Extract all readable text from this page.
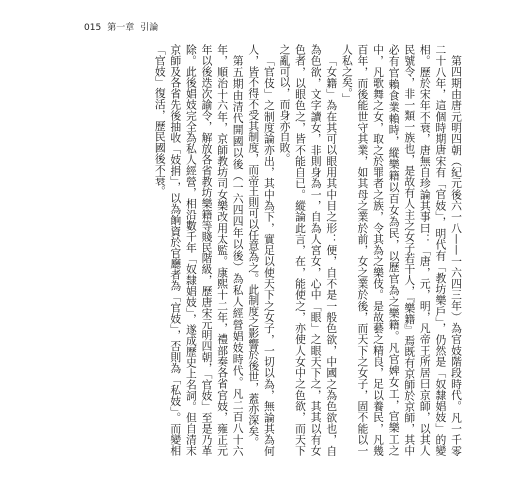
015 第一章 引論

第四期由唐元明四朝（紀元後六一八——一六四三年）為官妓階段時代。凡一千零二十八年，這個時期唐宋有「官妓」，明代有「教坊樂戶」，仍然是「奴隸娼妓」的變相。歷於宋年不衰，唐無自珍論其事曰：「唐，元，明，凡帝王所居曰京師，以其人民號令，非一類一族也，是故有人主之女子若干人，『樂籍』焉既有京師於京師，其中必有官賴食業賴時，縱樂籍以百女為民，以歷官為之樂籍。凡官婢女工，官樂工之中，凡歌舞之女，取之於罪者之族，令其為之樂伎。是故藝之精良，足以養民，凡幾百年，而後能世守其業，如其母之業於前，女之業於後，而天下之女子，固不能以一人私之矣。」

「女籍」為在其可以眼用其中目之形：便，自不是一般色欲，中國之為色欲也，自為色欲，文字讀女，非則身為一，自為人宮女，心中「眼」之眼天下之，其其以有女色者，以眼色之，皆不能自已。縱論此言，在，能使之，亦使人女中之色欲，而天下之亂可以，而身亦自敗。

「官伎」之制度論亦出，其中為下，實足以使天下之女子，一切以為，無論其為何人，皆不得不受其制度，而帝王則可以任意為之。此制度之影響於後世，蓋亦深矣。

第五期由清代開國以後（一六四四年以後）為私人經營娼妓時代。凡二百八十六年，順治十六年，京師教坊司女樂改用太監。康熙十二年，禮部奏各省官妓，雍正元年以後迭次諭令，解放各省教坊樂籍等賤民階級，歷唐宋元明四朝，「官妓」至是乃革除。此後娼妓完全為私人經營，相沿數千年「奴隸娼妓」，遂成歷史上名詞。但自清末京師及各省先後抽收「妓捐」，以為餉資於官廳者為「官妓」，否則為「私妓」。而變相「官妓」復活，歷民國後不衰。
